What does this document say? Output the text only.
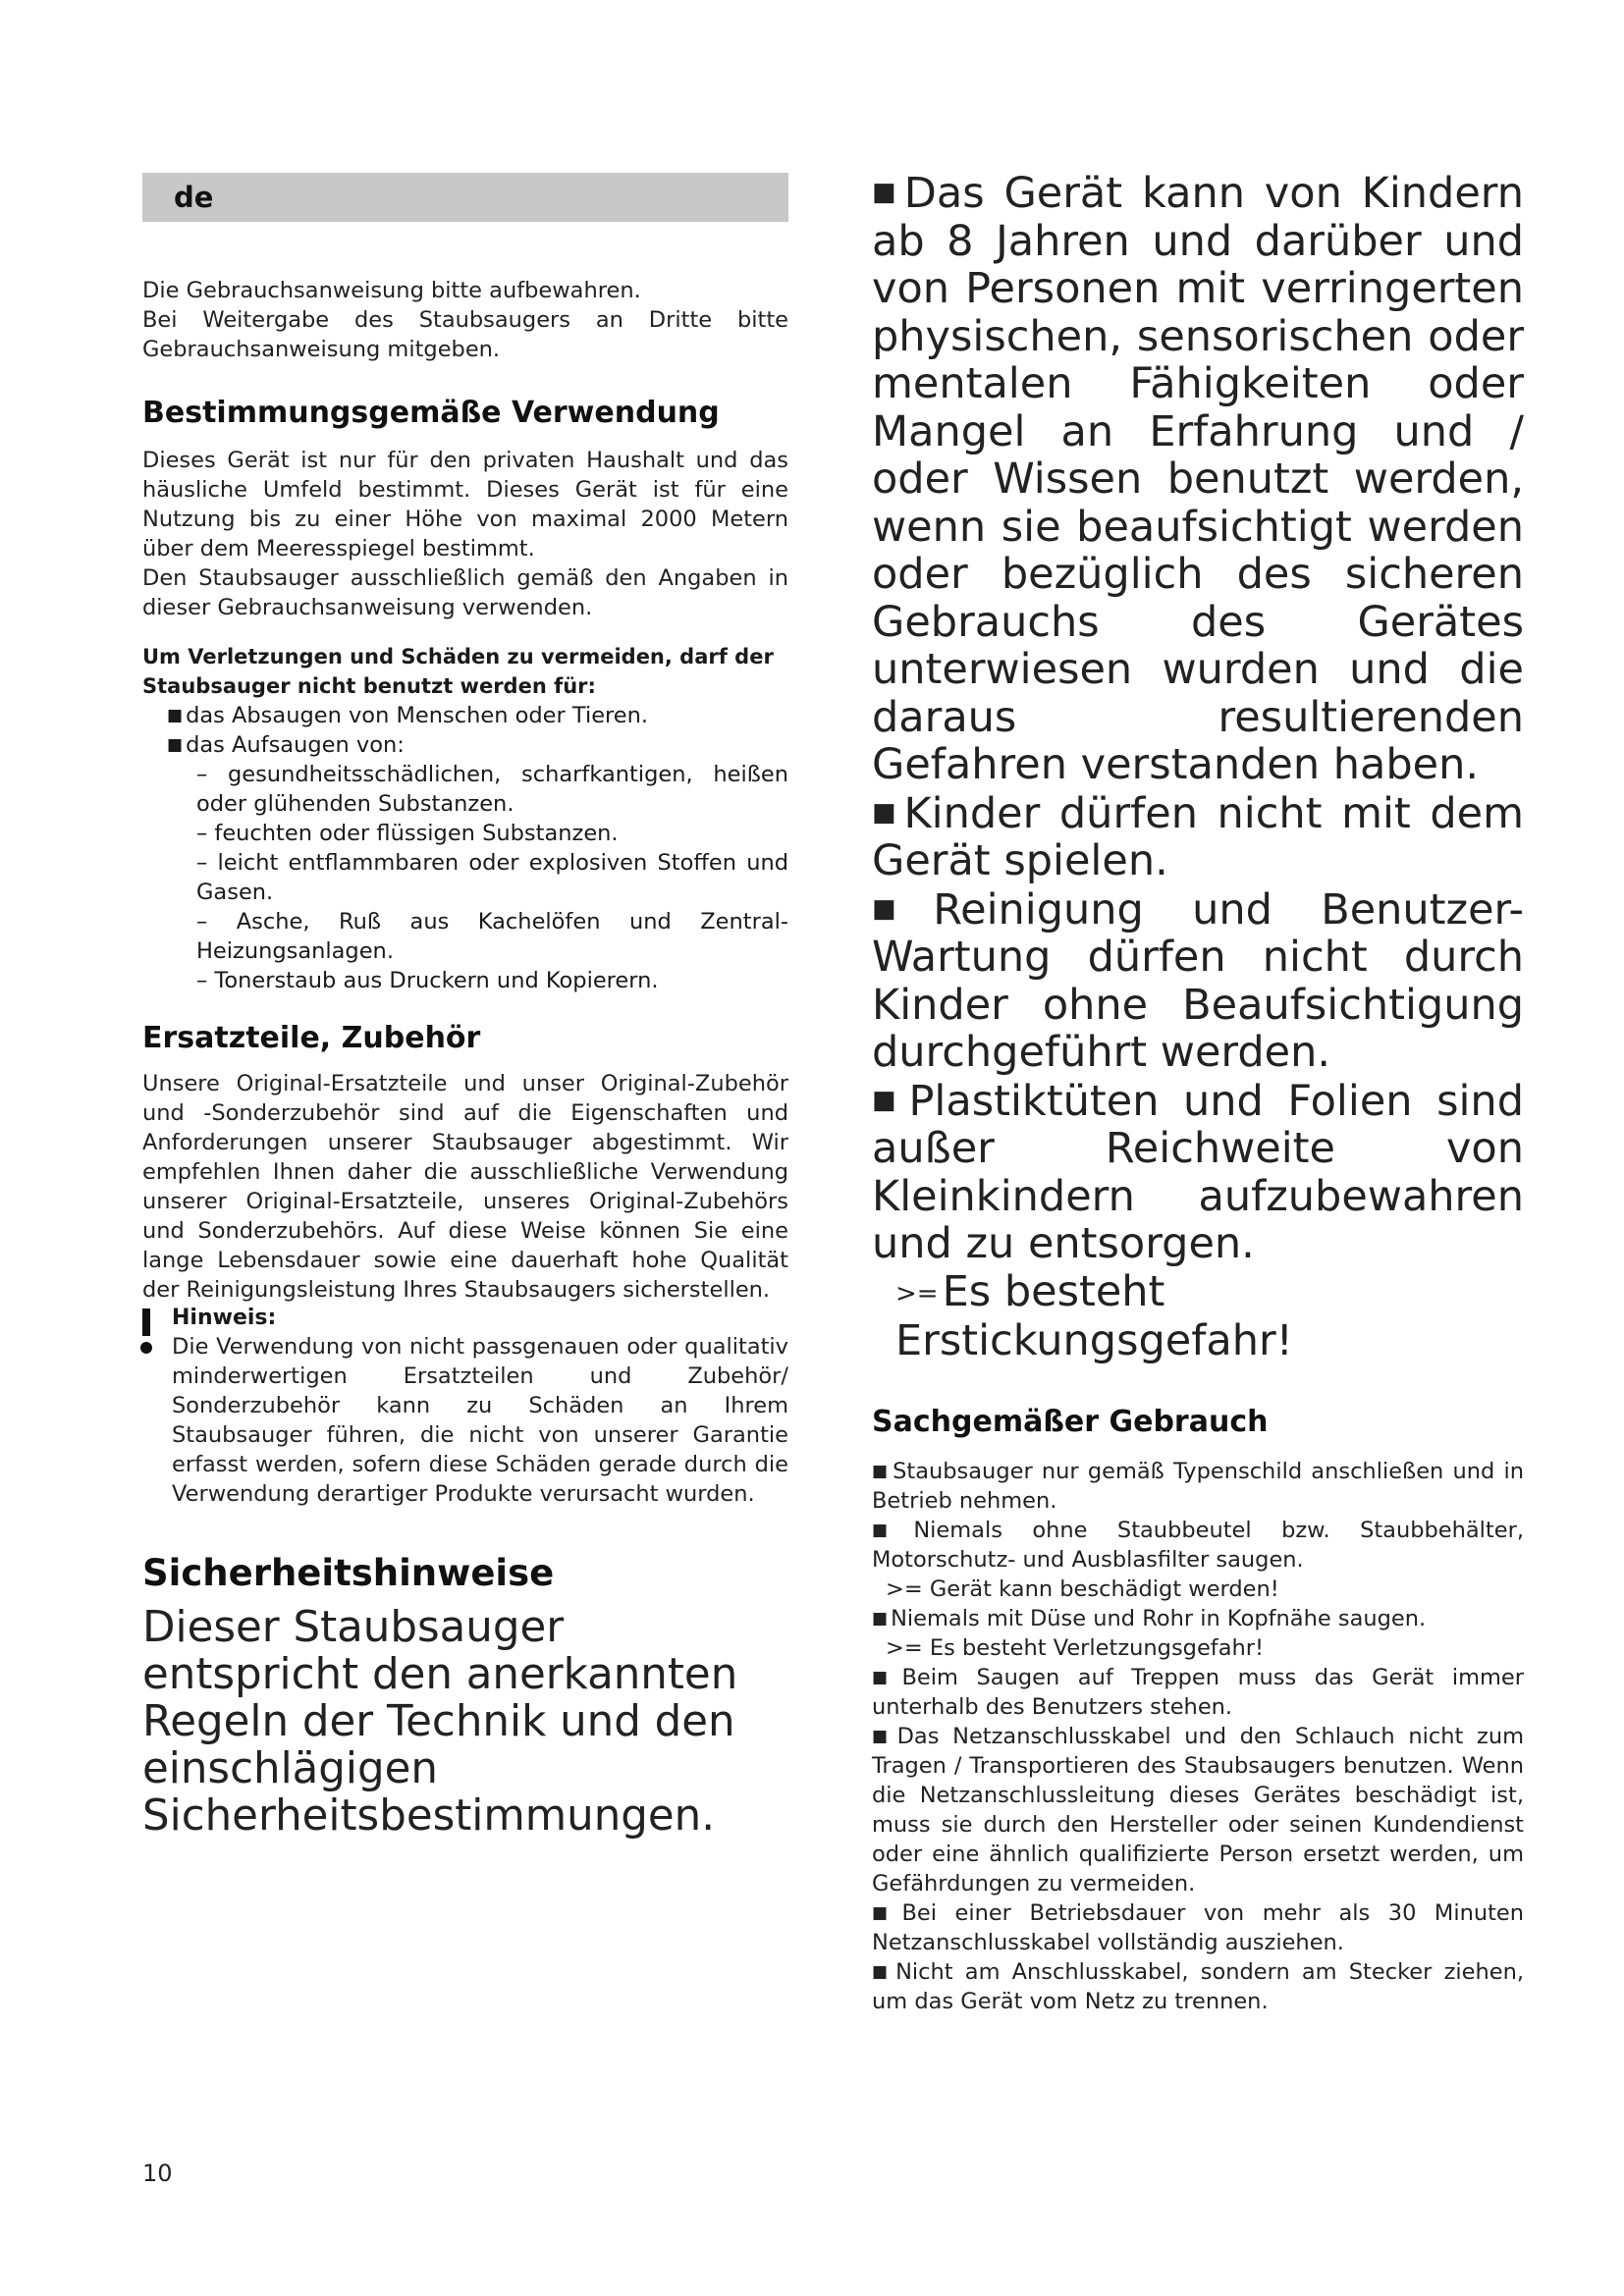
de

Die Gebrauchsanweisung bitte aufbewahren.

Bei Weitergabe des Staubsaugers an Dritte bitte Gebrauchsanweisung mitgeben.

Bestimmungsgemäße Verwendung

Dieses Gerät ist nur für den privaten Haushalt und das häusliche Umfeld bestimmt. Dieses Gerät ist für eine Nutzung bis zu einer Höhe von maximal 2000 Metern über dem Meeresspiegel bestimmt.

Den Staubsauger ausschließlich gemäß den Angaben in dieser Gebrauchsanweisung verwenden.

Um Verletzungen und Schäden zu vermeiden, darf der Staubsauger nicht benutzt werden für:

■ das Absaugen von Menschen oder Tieren.
■ das Aufsaugen von:
– gesundheitsschädlichen, scharfkantigen, heißen oder glühenden Substanzen.
– feuchten oder flüssigen Substanzen.
– leicht entflammbaren oder explosiven Stoffen und Gasen.
– Asche, Ruß aus Kachelöfen und Zentral-Heizungsanlagen.
– Tonerstaub aus Druckern und Kopierern.
Ersatzteile, Zubehör

Unsere Original-Ersatzteile und unser Original-Zubehör und -Sonderzubehör sind auf die Eigenschaften und Anforderungen unserer Staubsauger abgestimmt. Wir empfehlen Ihnen daher die ausschließliche Verwendung unserer Original-Ersatzteile, unseres Original-Zubehörs und Sonderzubehörs. Auf diese Weise können Sie eine lange Lebensdauer sowie eine dauerhaft hohe Qualität der Reinigungsleistung Ihres Staubsaugers sicherstellen.

Hinweis:

Die Verwendung von nicht passgenauen oder qualitativ minderwertigen Ersatzteilen und Zubehör/ Sonderzubehör kann zu Schäden an Ihrem Staubsauger führen, die nicht von unserer Garantie erfasst werden, sofern diese Schäden gerade durch die Verwendung derartiger Produkte verursacht wurden.

Sicherheitshinweise

Dieser Staubsauger entspricht den anerkannten Regeln der Technik und den einschlägigen Sicherheitsbestimmungen.

■Das Gerät kann von Kindern ab 8 Jahren und darüber und von Personen mit verringerten physischen, sensorischen oder mentalen Fähigkeiten oder Mangel an Erfahrung und / oder Wissen benutzt werden, wenn sie beaufsichtigt werden oder bezüglich des sicheren Gebrauchs des Gerätes unterwiesen wurden und die daraus resultierenden Gefahren verstanden haben.

■Kinder dürfen nicht mit dem Gerät spielen.

■Reinigung und Benutzer-Wartung dürfen nicht durch Kinder ohne Beaufsichtigung durchgeführt werden.

■Plastiktüten und Folien sind außer Reichweite von Kleinkindern aufzubewahren und zu entsorgen.

>=Es besteht Erstickungsgefahr!

Sachgemäßer Gebrauch
■ Staubsauger nur gemäß Typenschild anschließen und in Betrieb nehmen.
■ Niemals ohne Staubbeutel bzw. Staubbehälter, Motorschutz- und Ausblasfilter saugen.
>= Gerät kann beschädigt werden!
■ Niemals mit Düse und Rohr in Kopfnähe saugen.
>= Es besteht Verletzungsgefahr!
■ Beim Saugen auf Treppen muss das Gerät immer unterhalb des Benutzers stehen.
■ Das Netzanschlusskabel und den Schlauch nicht zum Tragen / Transportieren des Staubsaugers benutzen. Wenn die Netzanschlussleitung dieses Gerätes beschädigt ist, muss sie durch den Hersteller oder seinen Kundendienst oder eine ähnlich qualifizierte Person ersetzt werden, um Gefährdungen zu vermeiden.
■ Bei einer Betriebsdauer von mehr als 30 Minuten Netzanschlusskabel vollständig ausziehen.
■ Nicht am Anschlusskabel, sondern am Stecker ziehen, um das Gerät vom Netz zu trennen.
10
